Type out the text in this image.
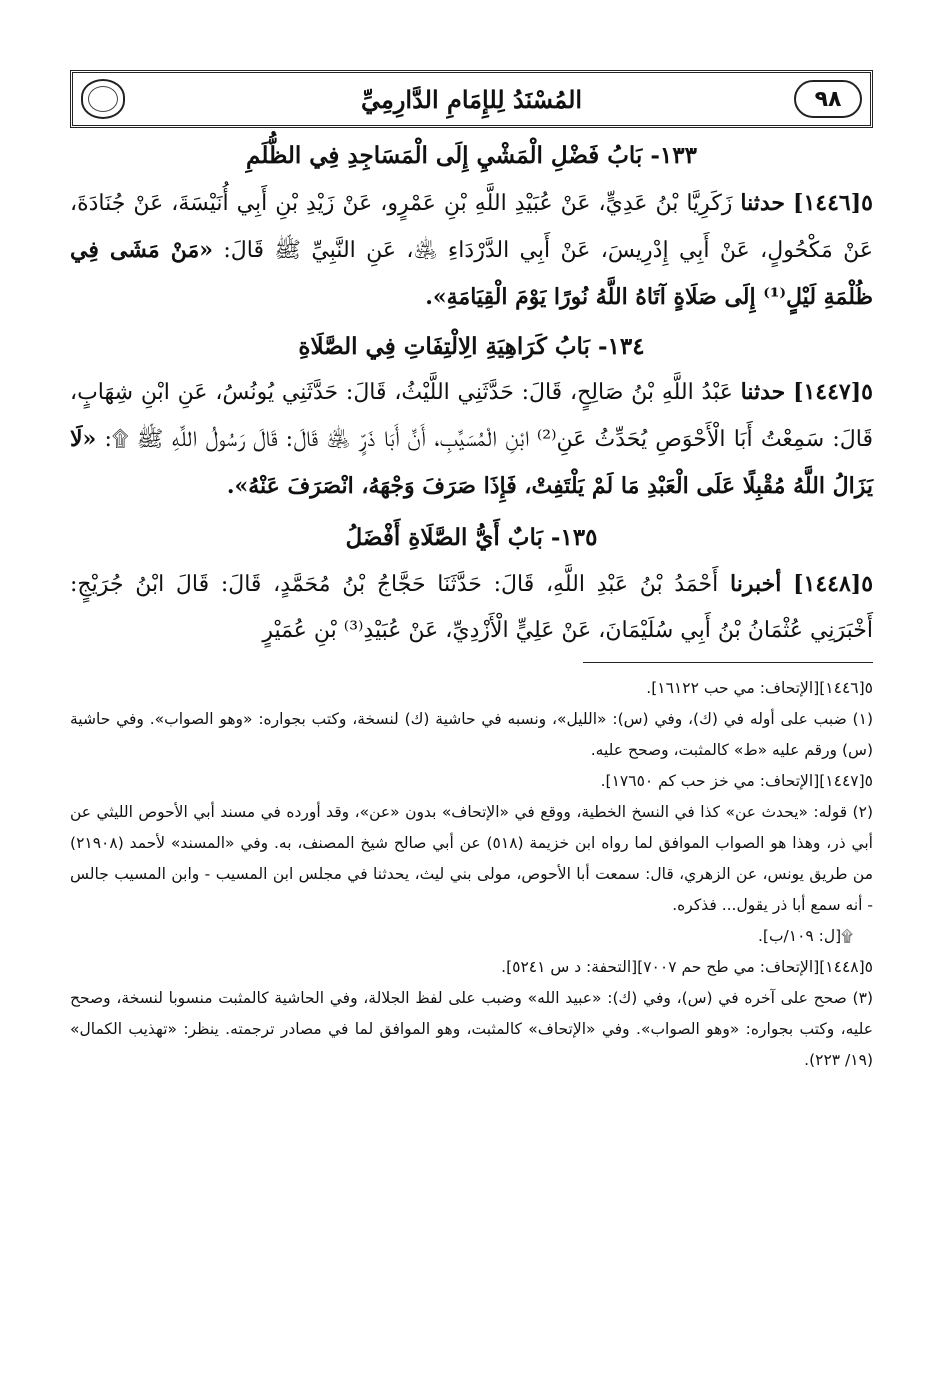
٩٨
المُسْنَدُ لِلإِمَامِ الدَّارِمِيِّ
١٣٣-بَابُ فَضْلِ الْمَشْيِ إِلَى الْمَسَاجِدِ فِي الظُّلَمِ

٥[١٤٤٦] حدثنا زَكَرِيَّا بْنُ عَدِيٍّ، عَنْ عُبَيْدِ اللَّهِ بْنِ عَمْرٍو، عَنْ زَيْدِ بْنِ أَبِي أُنَيْسَةَ، عَنْ جُنَادَةَ، عَنْ مَكْحُولٍ، عَنْ أَبِي إِدْرِيسَ، عَنْ أَبِي الدَّرْدَاءِ ﵁، عَنِ النَّبِيِّ ﷺ قَالَ: «مَنْ مَشَى فِي ظُلْمَةِ لَيْلٍ⁽¹⁾ إِلَى صَلَاةٍ آتَاهُ اللَّهُ نُورًا يَوْمَ الْقِيَامَةِ».

١٣٤-بَابُ كَرَاهِيَةِ الِالْتِفَاتِ فِي الصَّلَاةِ

٥[١٤٤٧] حدثنا عَبْدُ اللَّهِ بْنُ صَالِحٍ، قَالَ: حَدَّثَنِي اللَّيْثُ، قَالَ: حَدَّثَنِي يُونُسُ، عَنِ ابْنِ شِهَابٍ، قَالَ: سَمِعْتُ أَبَا الْأَحْوَصِ يُحَدِّثُ عَنِ⁽²⁾ ابْنِ الْمُسَيَّبِ، أَنَّ أَبَا ذَرٍّ ﵁ قَالَ: قَالَ رَسُولُ اللَّهِ ﷺ ۩: «لَا يَزَالُ اللَّهُ مُقْبِلًا عَلَى الْعَبْدِ مَا لَمْ يَلْتَفِتْ، فَإِذَا صَرَفَ وَجْهَهُ، انْصَرَفَ عَنْهُ».

١٣٥-بَابٌ أَيُّ الصَّلَاةِ أَفْضَلُ

٥[١٤٤٨] أخبرنا أَحْمَدُ بْنُ عَبْدِ اللَّهِ، قَالَ: حَدَّثَنَا حَجَّاجُ بْنُ مُحَمَّدٍ، قَالَ: قَالَ ابْنُ جُرَيْجٍ: أَخْبَرَنِي عُثْمَانُ بْنُ أَبِي سُلَيْمَانَ، عَنْ عَلِيٍّ الْأَزْدِيِّ، عَنْ عُبَيْدِ⁽³⁾ بْنِ عُمَيْرٍ

٥[١٤٤٦][الإتحاف: مي حب ١٦١٢٢].

(١) ضبب على أوله في (ك)، وفي (س): «الليل»، ونسبه في حاشية (ك) لنسخة، وكتب بجواره: «وهو الصواب». وفي حاشية (س) ورقم عليه «ط» كالمثبت، وصحح عليه.

٥[١٤٤٧][الإتحاف: مي خز حب كم ١٧٦٥٠].

(٢) قوله: «يحدث عن» كذا في النسخ الخطية، ووقع في «الإتحاف» بدون «عن»، وقد أورده في مسند أبي الأحوص الليثي عن أبي ذر، وهذا هو الصواب الموافق لما رواه ابن خزيمة (٥١٨) عن أبي صالح شيخ المصنف، به. وفي «المسند» لأحمد (٢١٩٠٨) من طريق يونس، عن الزهري، قال: سمعت أبا الأحوص، مولى بني ليث، يحدثنا في مجلس ابن المسيب - وابن المسيب جالس - أنه سمع أبا ذر يقول... فذكره.

۩[ل: ١٠٩/ب].

٥[١٤٤٨][الإتحاف: مي طح حم ٧٠٠٧][التحفة: د س ٥٢٤١].

(٣) صحح على آخره في (س)، وفي (ك): «عبيد الله» وضبب على لفظ الجلالة، وفي الحاشية كالمثبت منسوبا لنسخة، وصحح عليه، وكتب بجواره: «وهو الصواب». وفي «الإتحاف» كالمثبت، وهو الموافق لما في مصادر ترجمته. ينظر: «تهذيب الكمال» (١٩/ ٢٢٣).
